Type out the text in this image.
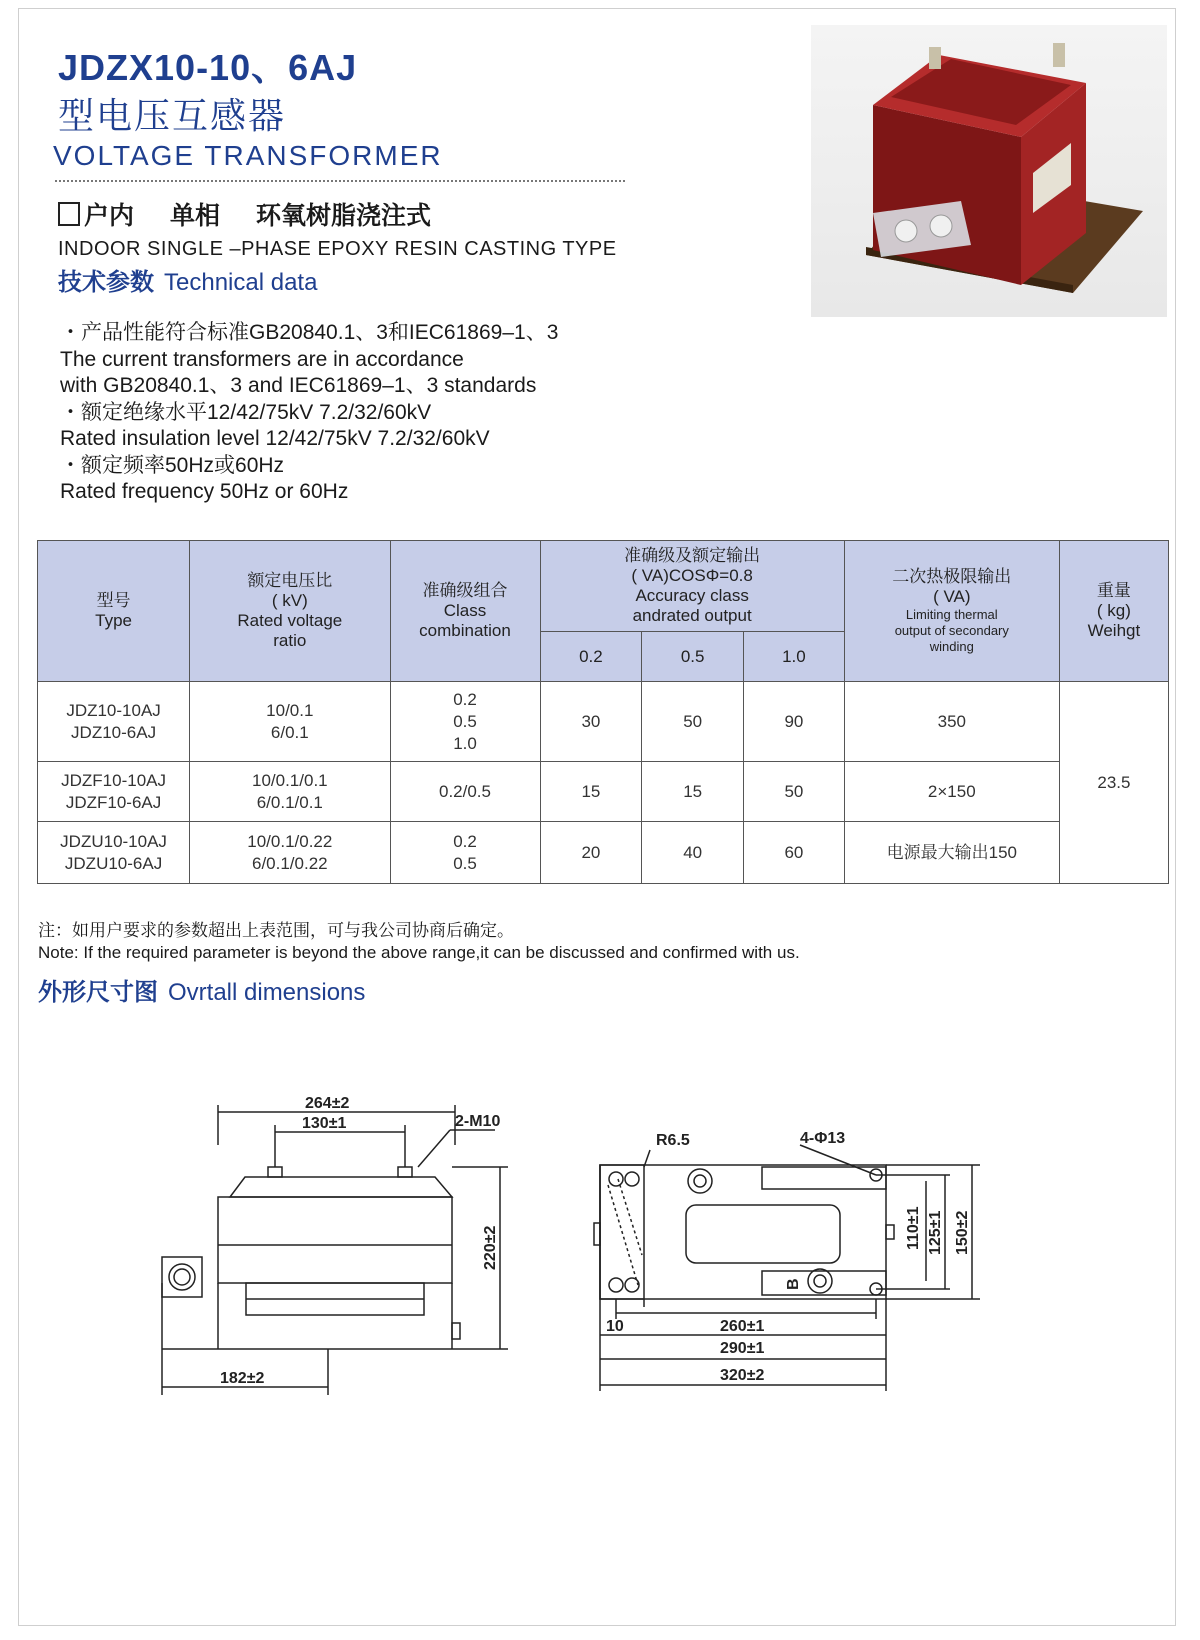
JDZX10-10、6AJ
型电压互感器
VOLTAGE TRANSFORMER
户内 单相 环氧树脂浇注式
INDOOR SINGLE –PHASE EPOXY RESIN CASTING TYPE
技术参数 Technical data
・产品性能符合标准GB20840.1、3和IEC61869–1、3
The current transformers are in accordance
with GB20840.1、3 and IEC61869–1、3 standards
・额定绝缘水平12/42/75kV 7.2/32/60kV
Rated insulation level 12/42/75kV 7.2/32/60kV
・额定频率50Hz或60Hz
Rated frequency 50Hz or 60Hz
型号
Type	额定电压比
( kV)
Rated voltage
ratio	准确级组合
Class
combination	准确级及额定输出
( VA)COSΦ=0.8
Accuracy class
andrated output			二次热极限输出
( VA)
Limiting thermal
output of secondary
winding	重量
( kg)
Weihgt

			0.2	0.5	1.0		

JDZ10-10AJ
JDZ10-6AJ	10/0.1
6/0.1	0.2
0.5
1.0	30	50	90	350	23.5

JDZF10-10AJ
JDZF10-6AJ	10/0.1/0.1
6/0.1/0.1	0.2/0.5	15	15	50	2×150	

JDZU10-10AJ
JDZU10-6AJ	10/0.1/0.22
6/0.1/0.22	0.2
0.5	20	40	60	电源最大输出150	
注：如用户要求的参数超出上表范围，可与我公司协商后确定。
Note: If the required parameter is beyond the above range,it can be discussed and confirmed with us.
外形尺寸图 Ovrtall dimensions
264±2
130±1	2-M10
220±2
182±2
R6.5	4-Φ13
110±1 125±1 150±2
B
10	260±1
290±1
320±2
